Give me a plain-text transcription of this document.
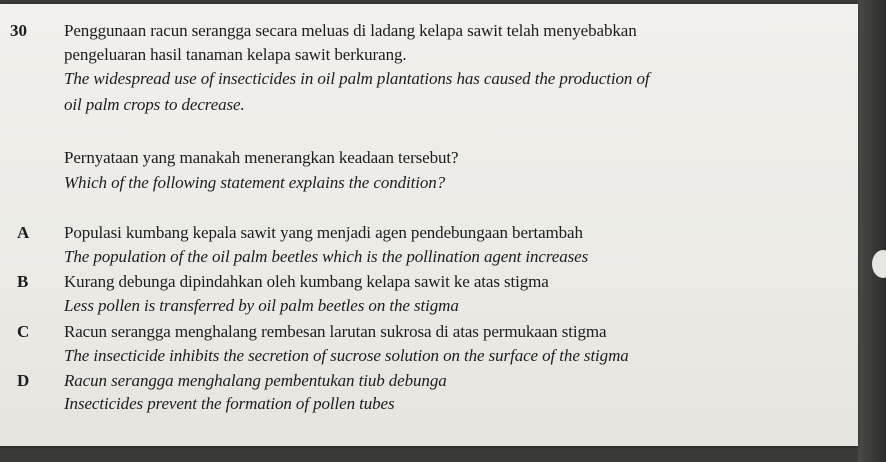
30 Penggunaan racun serangga secara meluas di ladang kelapa sawit telah menyebabkan
pengeluaran hasil tanaman kelapa sawit berkurang.
The widespread use of insecticides in oil palm plantations has caused the production of
oil palm crops to decrease.
Pernyataan yang manakah menerangkan keadaan tersebut?
Which of the following statement explains the condition?
A Populasi kumbang kepala sawit yang menjadi agen pendebungaan bertambah
The population of the oil palm beetles which is the pollination agent increases
B Kurang debunga dipindahkan oleh kumbang kelapa sawit ke atas stigma
Less pollen is transferred by oil palm beetles on the stigma
C Racun serangga menghalang rembesan larutan sukrosa di atas permukaan stigma
The insecticide inhibits the secretion of sucrose solution on the surface of the stigma
D Racun serangga menghalang pembentukan tiub debunga
Insecticides prevent the formation of pollen tubes
